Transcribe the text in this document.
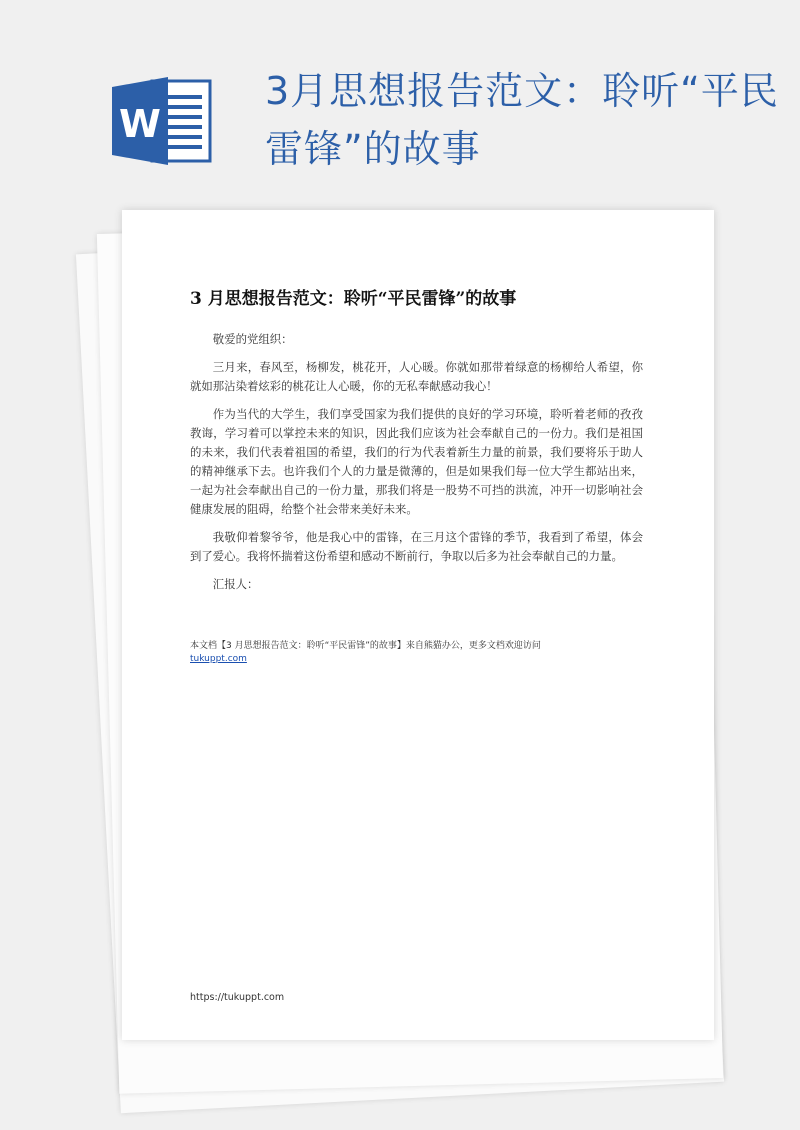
3月思想报告范文：聆听“平民雷锋”的故事
W
3 月思想报告范文：聆听“平民雷锋”的故事
敬爱的党组织：

三月来，春风至，杨柳发，桃花开，人心暖。你就如那带着绿意的杨柳给人希望，你就如那沾染着炫彩的桃花让人心暖，你的无私奉献感动我心！

作为当代的大学生，我们享受国家为我们提供的良好的学习环境，聆听着老师的孜孜教诲，学习着可以掌控未来的知识，因此我们应该为社会奉献自己的一份力。我们是祖国的未来，我们代表着祖国的希望，我们的行为代表着新生力量的前景，我们要将乐于助人的精神继承下去。也许我们个人的力量是微薄的，但是如果我们每一位大学生都站出来，一起为社会奉献出自己的一份力量，那我们将是一股势不可挡的洪流，冲开一切影响社会健康发展的阻碍，给整个社会带来美好未来。

我敬仰着黎爷爷，他是我心中的雷锋，在三月这个雷锋的季节，我看到了希望，体会到了爱心。我将怀揣着这份希望和感动不断前行，争取以后多为社会奉献自己的力量。

汇报人：
本文档【3 月思想报告范文：聆听“平民雷锋”的故事】来自熊猫办公，更多文档欢迎访问
tukuppt.com
https://tukuppt.com
